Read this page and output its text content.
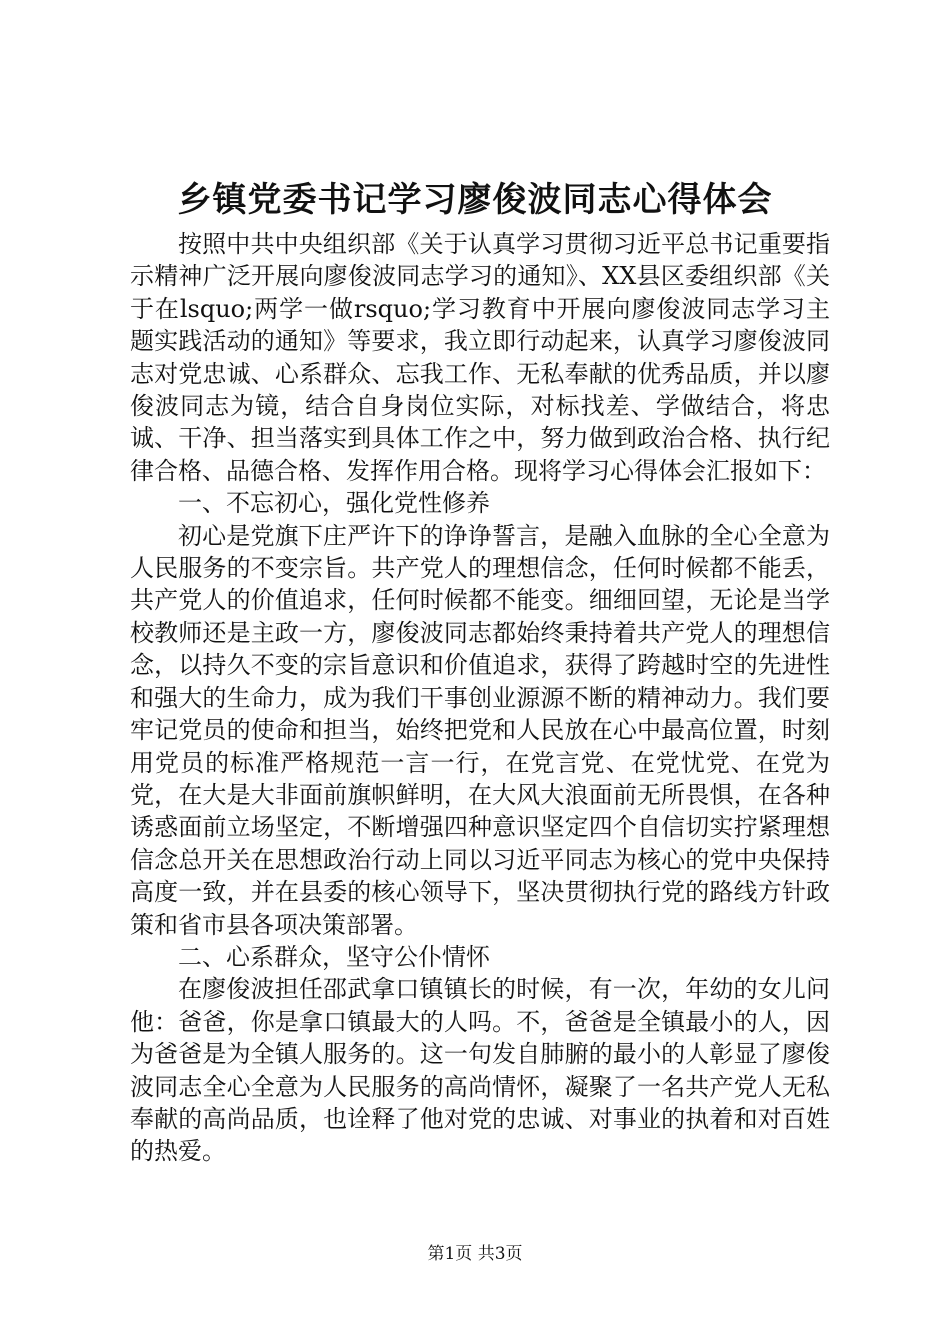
乡镇党委书记学习廖俊波同志心得体会

按照中共中央组织部《关于认真学习贯彻习近平总书记重要指示精神广泛开展向廖俊波同志学习的通知》、XX县区委组织部《关于在lsquo;两学一做rsquo;学习教育中开展向廖俊波同志学习主题实践活动的通知》等要求，我立即行动起来，认真学习廖俊波同志对党忠诚、心系群众、忘我工作、无私奉献的优秀品质，并以廖俊波同志为镜，结合自身岗位实际，对标找差、学做结合，将忠诚、干净、担当落实到具体工作之中，努力做到政治合格、执行纪律合格、品德合格、发挥作用合格。现将学习心得体会汇报如下：

一、不忘初心，强化党性修养

初心是党旗下庄严许下的诤诤誓言，是融入血脉的全心全意为人民服务的不变宗旨。共产党人的理想信念，任何时候都不能丢，共产党人的价值追求，任何时候都不能变。细细回望，无论是当学校教师还是主政一方，廖俊波同志都始终秉持着共产党人的理想信念，以持久不变的宗旨意识和价值追求，获得了跨越时空的先进性和强大的生命力，成为我们干事创业源源不断的精神动力。我们要牢记党员的使命和担当，始终把党和人民放在心中最高位置，时刻用党员的标准严格规范一言一行，在党言党、在党忧党、在党为党，在大是大非面前旗帜鲜明，在大风大浪面前无所畏惧，在各种诱惑面前立场坚定，不断增强四种意识坚定四个自信切实拧紧理想信念总开关在思想政治行动上同以习近平同志为核心的党中央保持高度一致，并在县委的核心领导下，坚决贯彻执行党的路线方针政策和省市县各项决策部署。

二、心系群众，坚守公仆情怀

在廖俊波担任邵武拿口镇镇长的时候，有一次，年幼的女儿问他：爸爸，你是拿口镇最大的人吗。不，爸爸是全镇最小的人，因为爸爸是为全镇人服务的。这一句发自肺腑的最小的人彰显了廖俊波同志全心全意为人民服务的高尚情怀，凝聚了一名共产党人无私奉献的高尚品质，也诠释了他对党的忠诚、对事业的执着和对百姓的热爱。

第1页 共3页
